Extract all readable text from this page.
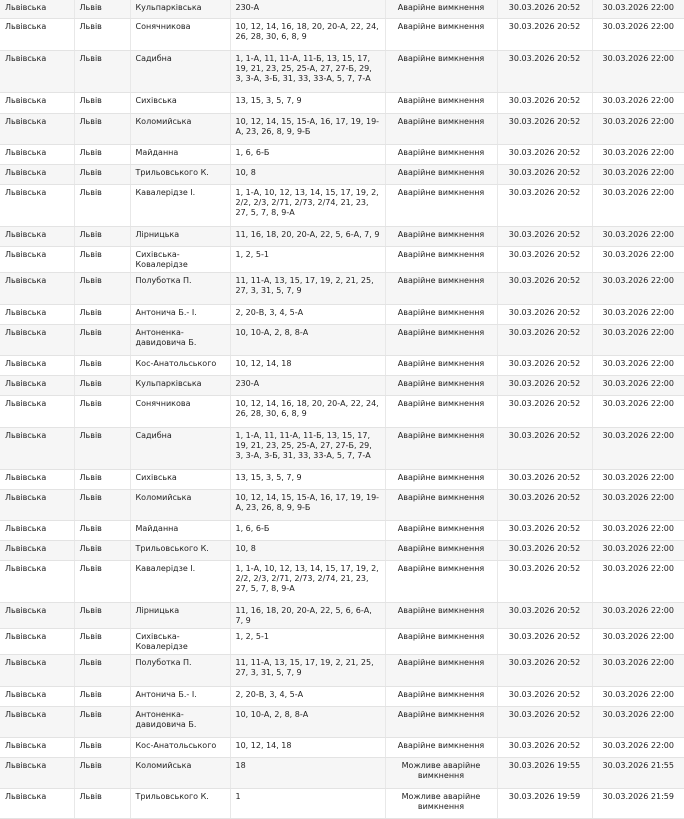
Львівська	Львів	Кульпарківська	230-А	Аварійне вимкнення	30.03.2026 20:52	30.03.2026 22:00
Львівська	Львів	Сонячникова	10, 12, 14, 16, 18, 20, 20-А, 22, 24, 26, 28, 30, 6, 8, 9	Аварійне вимкнення	30.03.2026 20:52	30.03.2026 22:00
Львівська	Львів	Садибна	1, 1-А, 11, 11-А, 11-Б, 13, 15, 17, 19, 21, 23, 25, 25-А, 27, 27-Б, 29, 3, 3-А, 3-Б, 31, 33, 33-А, 5, 7, 7-А	Аварійне вимкнення	30.03.2026 20:52	30.03.2026 22:00
Львівська	Львів	Сихівська	13, 15, 3, 5, 7, 9	Аварійне вимкнення	30.03.2026 20:52	30.03.2026 22:00
Львівська	Львів	Коломийська	10, 12, 14, 15, 15-А, 16, 17, 19, 19-А, 23, 26, 8, 9, 9-Б	Аварійне вимкнення	30.03.2026 20:52	30.03.2026 22:00
Львівська	Львів	Майданна	1, 6, 6-Б	Аварійне вимкнення	30.03.2026 20:52	30.03.2026 22:00
Львівська	Львів	Трильовського К.	10, 8	Аварійне вимкнення	30.03.2026 20:52	30.03.2026 22:00
Львівська	Львів	Кавалерідзе І.	1, 1-А, 10, 12, 13, 14, 15, 17, 19, 2, 2/2, 2/3, 2/71, 2/73, 2/74, 21, 23, 27, 5, 7, 8, 9-А	Аварійне вимкнення	30.03.2026 20:52	30.03.2026 22:00
Львівська	Львів	Лірницька	11, 16, 18, 20, 20-А, 22, 5, 6-А, 7, 9	Аварійне вимкнення	30.03.2026 20:52	30.03.2026 22:00
Львівська	Львів	Сихівська-Ковалерідзе	1, 2, 5-1	Аварійне вимкнення	30.03.2026 20:52	30.03.2026 22:00
Львівська	Львів	Полуботка П.	11, 11-А, 13, 15, 17, 19, 2, 21, 25, 27, 3, 31, 5, 7, 9	Аварійне вимкнення	30.03.2026 20:52	30.03.2026 22:00
Львівська	Львів	Антонича Б.- І.	2, 20-В, 3, 4, 5-А	Аварійне вимкнення	30.03.2026 20:52	30.03.2026 22:00
Львівська	Львів	Антоненка-давидовича Б.	10, 10-А, 2, 8, 8-А	Аварійне вимкнення	30.03.2026 20:52	30.03.2026 22:00
Львівська	Львів	Кос-Анатольського	10, 12, 14, 18	Аварійне вимкнення	30.03.2026 20:52	30.03.2026 22:00
Львівська	Львів	Кульпарківська	230-А	Аварійне вимкнення	30.03.2026 20:52	30.03.2026 22:00
Львівська	Львів	Сонячникова	10, 12, 14, 16, 18, 20, 20-А, 22, 24, 26, 28, 30, 6, 8, 9	Аварійне вимкнення	30.03.2026 20:52	30.03.2026 22:00
Львівська	Львів	Садибна	1, 1-А, 11, 11-А, 11-Б, 13, 15, 17, 19, 21, 23, 25, 25-А, 27, 27-Б, 29, 3, 3-А, 3-Б, 31, 33, 33-А, 5, 7, 7-А	Аварійне вимкнення	30.03.2026 20:52	30.03.2026 22:00
Львівська	Львів	Сихівська	13, 15, 3, 5, 7, 9	Аварійне вимкнення	30.03.2026 20:52	30.03.2026 22:00
Львівська	Львів	Коломийська	10, 12, 14, 15, 15-А, 16, 17, 19, 19-А, 23, 26, 8, 9, 9-Б	Аварійне вимкнення	30.03.2026 20:52	30.03.2026 22:00
Львівська	Львів	Майданна	1, 6, 6-Б	Аварійне вимкнення	30.03.2026 20:52	30.03.2026 22:00
Львівська	Львів	Трильовського К.	10, 8	Аварійне вимкнення	30.03.2026 20:52	30.03.2026 22:00
Львівська	Львів	Кавалерідзе І.	1, 1-А, 10, 12, 13, 14, 15, 17, 19, 2, 2/2, 2/3, 2/71, 2/73, 2/74, 21, 23, 27, 5, 7, 8, 9-А	Аварійне вимкнення	30.03.2026 20:52	30.03.2026 22:00
Львівська	Львів	Лірницька	11, 16, 18, 20, 20-А, 22, 5, 6, 6-А, 7, 9	Аварійне вимкнення	30.03.2026 20:52	30.03.2026 22:00
Львівська	Львів	Сихівська-Ковалерідзе	1, 2, 5-1	Аварійне вимкнення	30.03.2026 20:52	30.03.2026 22:00
Львівська	Львів	Полуботка П.	11, 11-А, 13, 15, 17, 19, 2, 21, 25, 27, 3, 31, 5, 7, 9	Аварійне вимкнення	30.03.2026 20:52	30.03.2026 22:00
Львівська	Львів	Антонича Б.- І.	2, 20-В, 3, 4, 5-А	Аварійне вимкнення	30.03.2026 20:52	30.03.2026 22:00
Львівська	Львів	Антоненка-давидовича Б.	10, 10-А, 2, 8, 8-А	Аварійне вимкнення	30.03.2026 20:52	30.03.2026 22:00
Львівська	Львів	Кос-Анатольського	10, 12, 14, 18	Аварійне вимкнення	30.03.2026 20:52	30.03.2026 22:00
Львівська	Львів	Коломийська	18	Можливе аварійне вимкнення	30.03.2026 19:55	30.03.2026 21:55
Львівська	Львів	Трильовського К.	1	Можливе аварійне вимкнення	30.03.2026 19:59	30.03.2026 21:59
